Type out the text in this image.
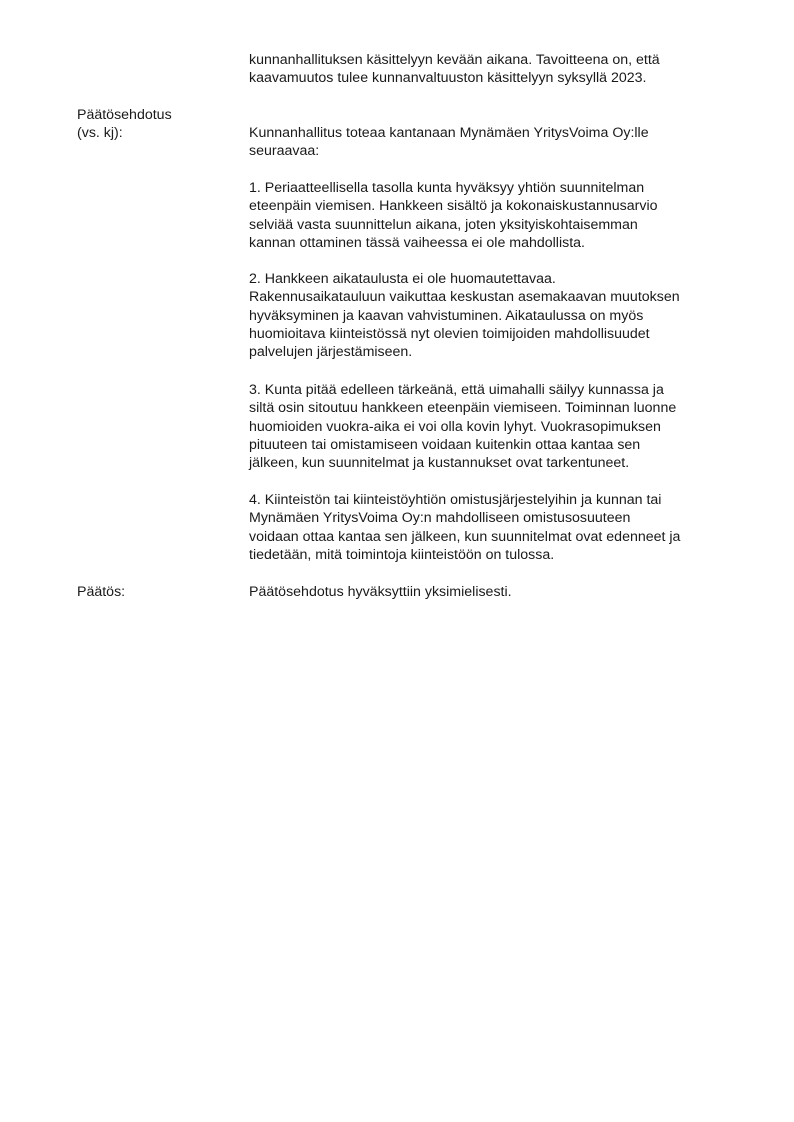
kunnanhallituksen käsittelyyn kevään aikana. Tavoitteena on, että
kaavamuutos tulee kunnanvaltuuston käsittelyyn syksyllä 2023.
Päätösehdotus
(vs. kj):	Kunnanhallitus toteaa kantanaan Mynämäen YritysVoima Oy:lle
seuraavaa:
1. Periaatteellisella tasolla kunta hyväksyy yhtiön suunnitelman
eteenpäin viemisen. Hankkeen sisältö ja kokonaiskustannusarvio
selviää vasta suunnittelun aikana, joten yksityiskohtaisemman
kannan ottaminen tässä vaiheessa ei ole mahdollista.
2. Hankkeen aikataulusta ei ole huomautettavaa.
Rakennusaikatauluun vaikuttaa keskustan asemakaavan muutoksen
hyväksyminen ja kaavan vahvistuminen. Aikataulussa on myös
huomioitava kiinteistössä nyt olevien toimijoiden mahdollisuudet
palvelujen järjestämiseen.
3. Kunta pitää edelleen tärkeänä, että uimahalli säilyy kunnassa ja
siltä osin sitoutuu hankkeen eteenpäin viemiseen. Toiminnan luonne
huomioiden vuokra-aika ei voi olla kovin lyhyt. Vuokrasopimuksen
pituuteen tai omistamiseen voidaan kuitenkin ottaa kantaa sen
jälkeen, kun suunnitelmat ja kustannukset ovat tarkentuneet.
4. Kiinteistön tai kiinteistöyhtiön omistusjärjestelyihin ja kunnan tai
Mynämäen YritysVoima Oy:n mahdolliseen omistusosuuteen
voidaan ottaa kantaa sen jälkeen, kun suunnitelmat ovat edenneet ja
tiedetään, mitä toimintoja kiinteistöön on tulossa.
Päätös:	Päätösehdotus hyväksyttiin yksimielisesti.
